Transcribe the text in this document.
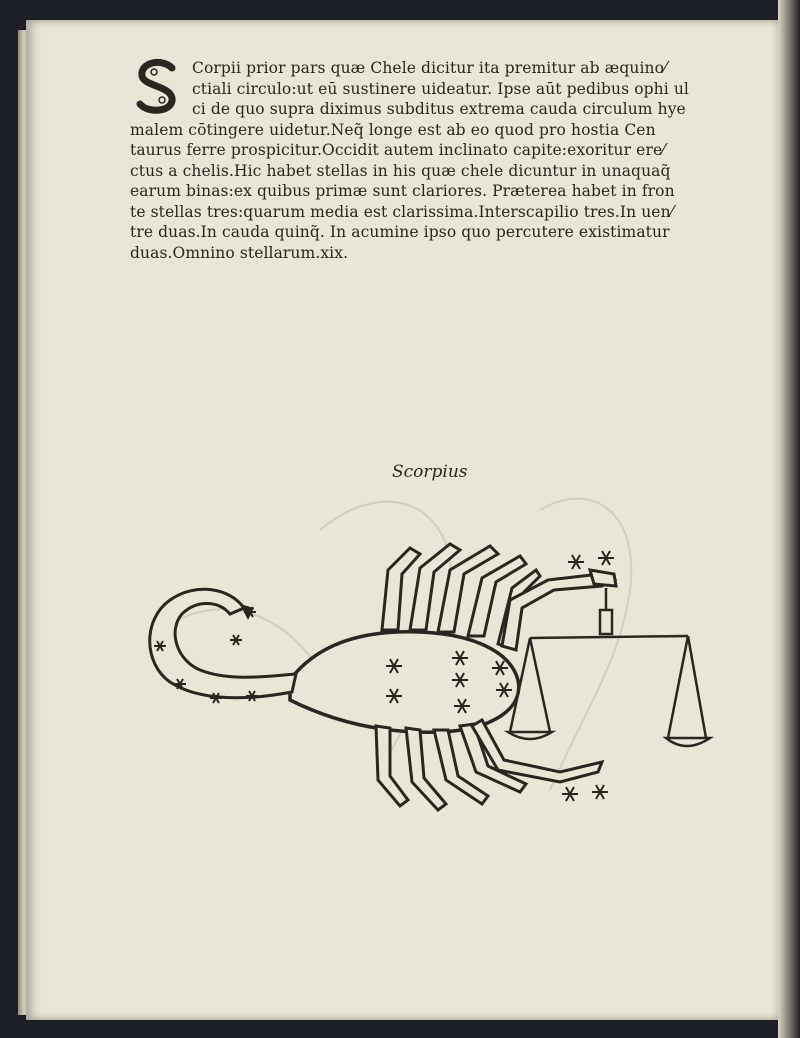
S
Corpii prior pars quæ Chele dicitur ita premitur ab æquino⁄
ctiali circulo:ut eū sustinere uideatur. Ipse aūt pedibus ophi ul
ci de quo supra diximus subditus extrema cauda circulum hye
malem cōtingere uidetur.Neq̃ longe est ab eo quod pro hostia Cen
taurus ferre prospicitur.Occidit autem inclinato capite:exoritur ere⁄
ctus a chelis.Hic habet stellas in his quæ chele dicuntur in unaquaq̃
earum binas:ex quibus primæ sunt clariores. Præterea habet in fron
te stellas tres:quarum media est clarissima.Interscapilio tres.In uen⁄
tre duas.In cauda quinq̃. In acumine ipso quo percutere existimatur
duas.Omnino stellarum.xix.
Scorpius
